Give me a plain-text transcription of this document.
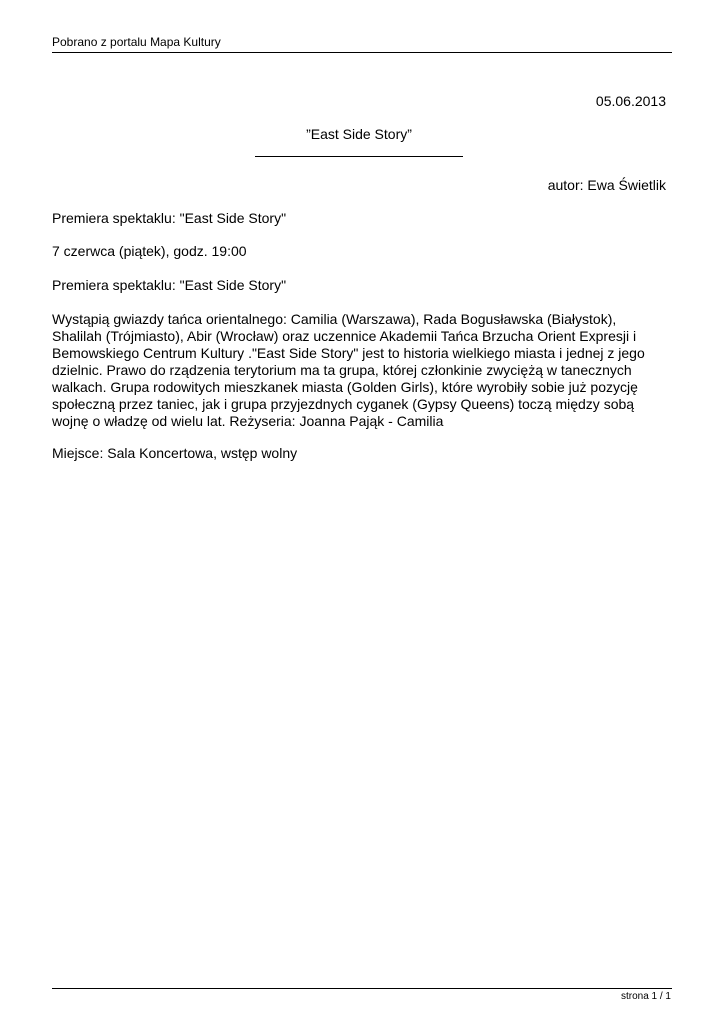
Pobrano z portalu Mapa Kultury
05.06.2013
”East Side Story”
autor: Ewa Świetlik

Premiera spektaklu: "East Side Story"

7 czerwca (piątek), godz. 19:00

Premiera spektaklu: "East Side Story"

Wystąpią gwiazdy tańca orientalnego: Camilia (Warszawa), Rada Bogusławska (Białystok), Shalilah (Trójmiasto), Abir (Wrocław) oraz uczennice Akademii Tańca Brzucha Orient Expresji i Bemowskiego Centrum Kultury ."East Side Story" jest to historia wielkiego miasta i jednej z jego dzielnic. Prawo do rządzenia terytorium ma ta grupa, której członkinie zwyciężą w tanecznych walkach. Grupa rodowitych mieszkanek miasta (Golden Girls), które wyrobiły sobie już pozycję społeczną przez taniec, jak i grupa przyjezdnych cyganek (Gypsy Queens) toczą między sobą wojnę o władzę od wielu lat. Reżyseria: Joanna Pająk - Camilia

Miejsce: Sala Koncertowa, wstęp wolny

strona 1 / 1
